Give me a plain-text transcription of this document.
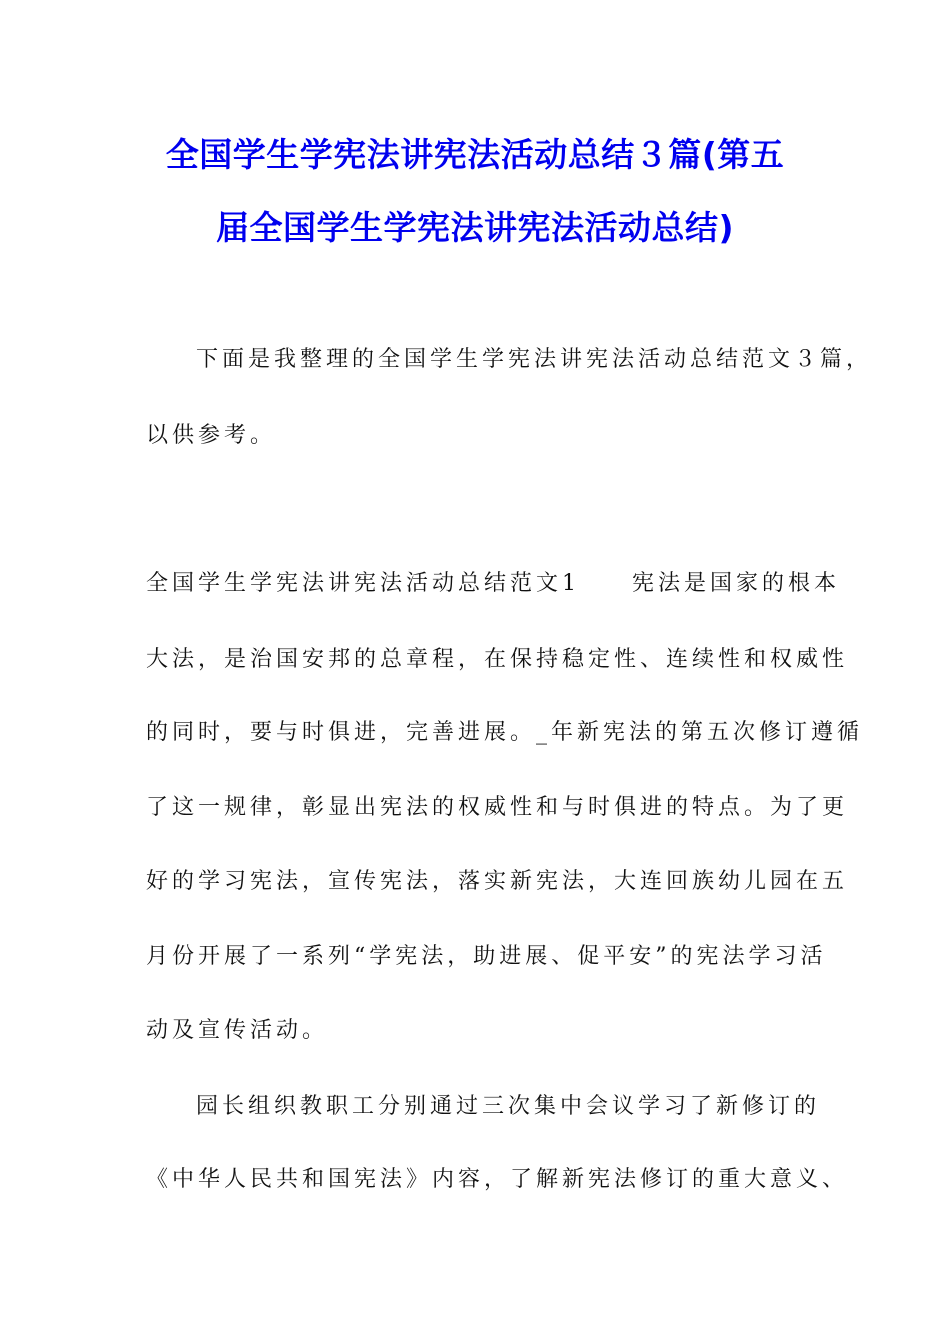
全国学生学宪法讲宪法活动总结３篇(第五
届全国学生学宪法讲宪法活动总结)
下面是我整理的全国学生学宪法讲宪法活动总结范文３篇，
以供参考。
全国学生学宪法讲宪法活动总结范文1　　宪法是国家的根本
大法，是治国安邦的总章程，在保持稳定性、连续性和权威性
的同时，要与时俱进，完善进展。_年新宪法的第五次修订遵循
了这一规律，彰显出宪法的权威性和与时俱进的特点。为了更
好的学习宪法，宣传宪法，落实新宪法，大连回族幼儿园在五
月份开展了一系列“学宪法，助进展、促平安”的宪法学习活
动及宣传活动。
园长组织教职工分别通过三次集中会议学习了新修订的
《中华人民共和国宪法》内容，了解新宪法修订的重大意义、
